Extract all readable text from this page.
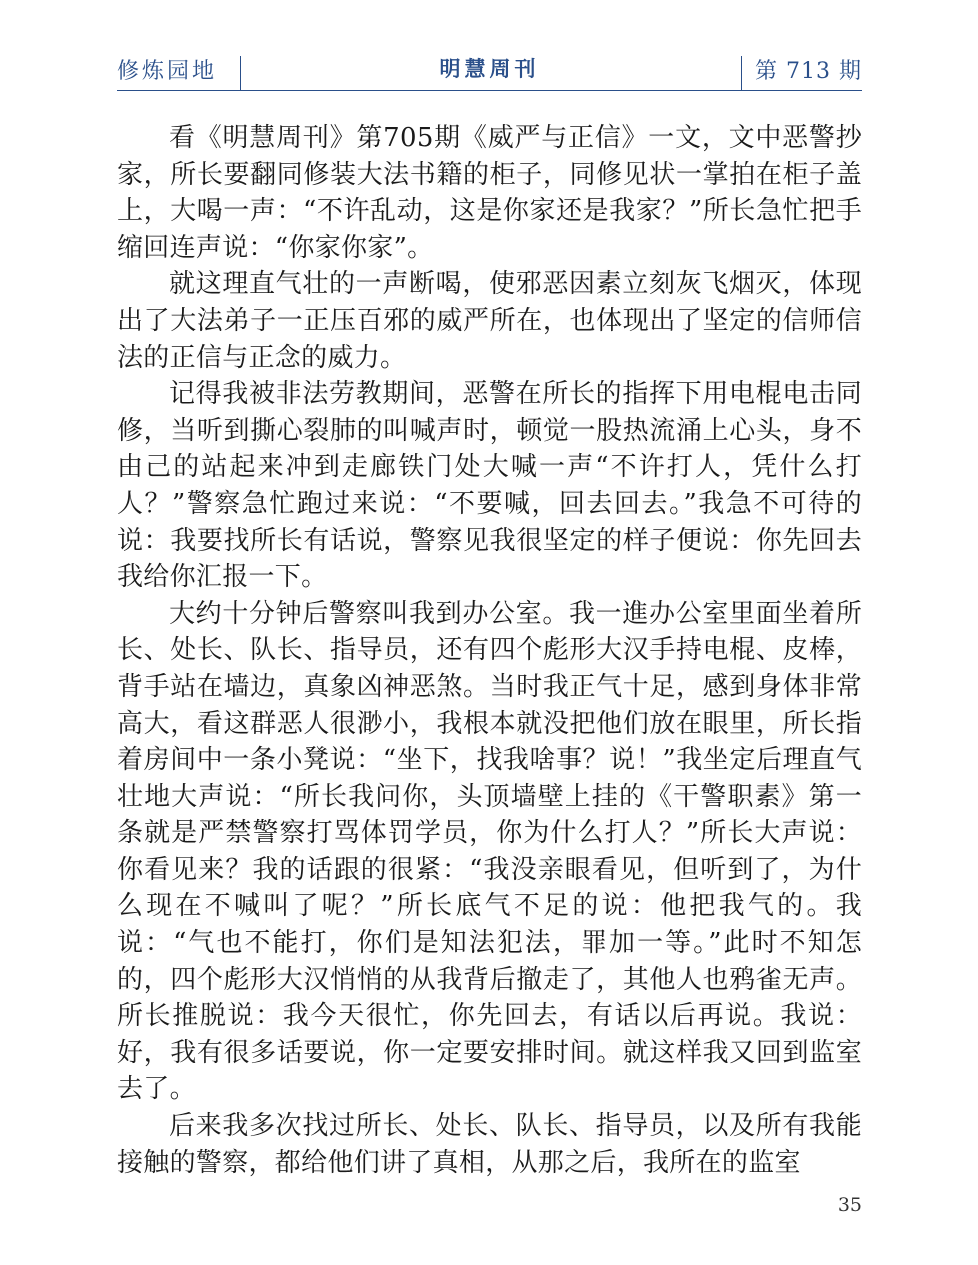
修炼园地	明慧周刊	第 713 期

看《明慧周刊》第705期《威严与正信》一文，文中恶警抄家，所长要翻同修装大法书籍的柜子，同修见状一掌拍在柜子盖上，大喝一声：“不许乱动，这是你家还是我家？”所长急忙把手缩回连声说：“你家你家”。

就这理直气壮的一声断喝，使邪恶因素立刻灰飞烟灭，体现出了大法弟子一正压百邪的威严所在，也体现出了坚定的信师信法的正信与正念的威力。

记得我被非法劳教期间，恶警在所长的指挥下用电棍电击同修，当听到撕心裂肺的叫喊声时，顿觉一股热流涌上心头，身不由己的站起来冲到走廊铁门处大喊一声“不许打人，凭什么打人？”警察急忙跑过来说：“不要喊，回去回去。”我急不可待的说：我要找所长有话说，警察见我很坚定的样子便说：你先回去我给你汇报一下。

大约十分钟后警察叫我到办公室。我一進办公室里面坐着所长、处长、队长、指导员，还有四个彪形大汉手持电棍、皮棒，背手站在墙边，真象凶神恶煞。当时我正气十足，感到身体非常高大，看这群恶人很渺小，我根本就没把他们放在眼里，所长指着房间中一条小凳说：“坐下，找我啥事？说！”我坐定后理直气壮地大声说：“所长我问你，头顶墙壁上挂的《干警职素》第一条就是严禁警察打骂体罚学员，你为什么打人？”所长大声说：你看见来？我的话跟的很紧：“我没亲眼看见，但听到了，为什么现在不喊叫了呢？”所长底气不足的说：他把我气的。我说：“气也不能打，你们是知法犯法，罪加一等。”此时不知怎的，四个彪形大汉悄悄的从我背后撤走了，其他人也鸦雀无声。所长推脱说：我今天很忙，你先回去，有话以后再说。我说：好，我有很多话要说，你一定要安排时间。就这样我又回到监室去了。

后来我多次找过所长、处长、队长、指导员，以及所有我能接触的警察，都给他们讲了真相，从那之后，我所在的监室

35
